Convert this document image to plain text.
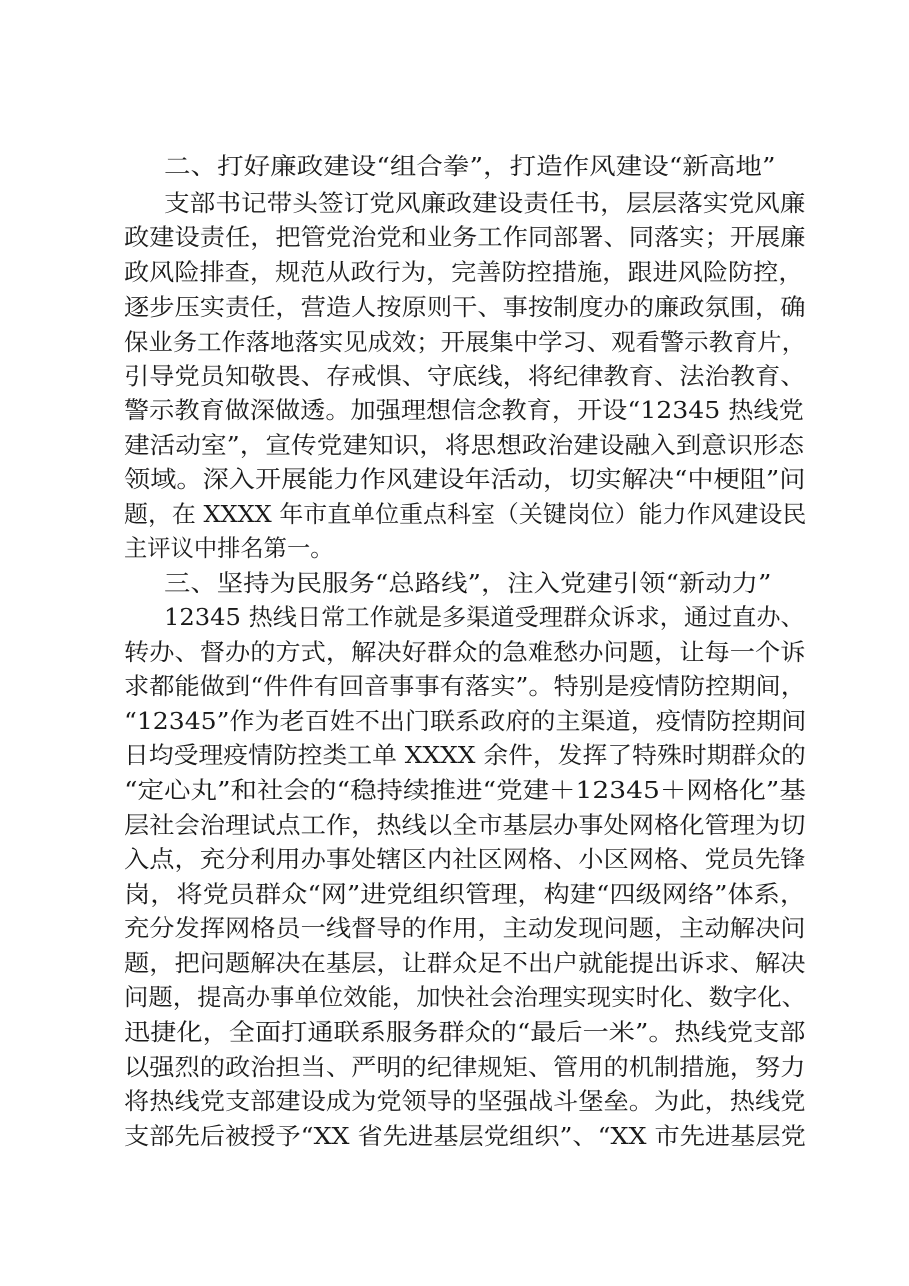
二、打好廉政建设“组合拳”，打造作风建设“新高地”
支部书记带头签订党风廉政建设责任书，层层落实党风廉
政建设责任，把管党治党和业务工作同部署、同落实；开展廉
政风险排查，规范从政行为，完善防控措施，跟进风险防控，
逐步压实责任，营造人按原则干、事按制度办的廉政氛围，确
保业务工作落地落实见成效；开展集中学习、观看警示教育片，
引导党员知敬畏、存戒惧、守底线，将纪律教育、法治教育、
警示教育做深做透。加强理想信念教育，开设“12345 热线党
建活动室”，宣传党建知识，将思想政治建设融入到意识形态
领域。深入开展能力作风建设年活动，切实解决“中梗阻”问
题，在 XXXX 年市直单位重点科室（关键岗位）能力作风建设民
主评议中排名第一。
三、坚持为民服务“总路线”，注入党建引领“新动力”
12345 热线日常工作就是多渠道受理群众诉求，通过直办、
转办、督办的方式，解决好群众的急难愁办问题，让每一个诉
求都能做到“件件有回音事事有落实”。特别是疫情防控期间，
“12345”作为老百姓不出门联系政府的主渠道，疫情防控期间
日均受理疫情防控类工单 XXXX 余件，发挥了特殊时期群众的
“定心丸”和社会的“稳持续推进“党建＋12345＋网格化”基
层社会治理试点工作，热线以全市基层办事处网格化管理为切
入点，充分利用办事处辖区内社区网格、小区网格、党员先锋
岗，将党员群众“网”进党组织管理，构建“四级网络”体系，
充分发挥网格员一线督导的作用，主动发现问题，主动解决问
题，把问题解决在基层，让群众足不出户就能提出诉求、解决
问题，提高办事单位效能，加快社会治理实现实时化、数字化、
迅捷化，全面打通联系服务群众的“最后一米”。热线党支部
以强烈的政治担当、严明的纪律规矩、管用的机制措施，努力
将热线党支部建设成为党领导的坚强战斗堡垒。为此，热线党
支部先后被授予“XX 省先进基层党组织”、“XX 市先进基层党
